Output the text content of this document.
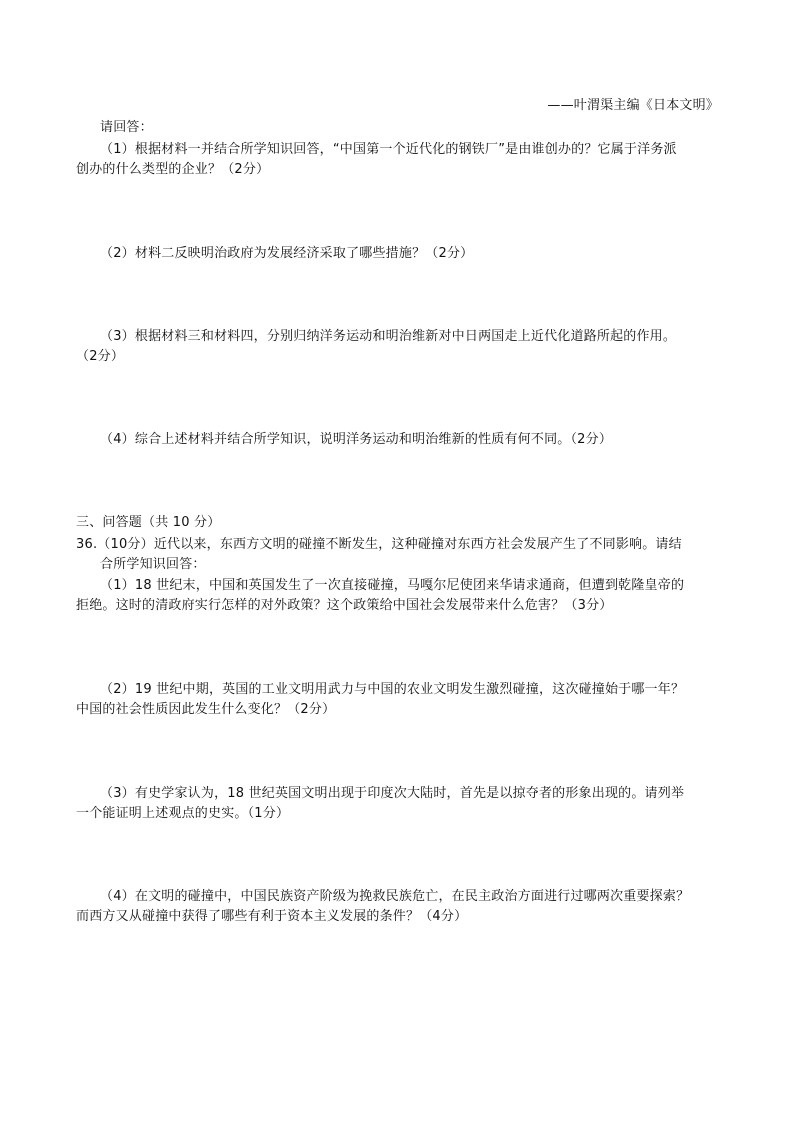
——叶渭渠主编《日本文明》
请回答：
（1）根据材料一并结合所学知识回答，“中国第一个近代化的钢铁厂”是由谁创办的？它属于洋务派
创办的什么类型的企业？（2分）
（2）材料二反映明治政府为发展经济采取了哪些措施？（2分）
（3）根据材料三和材料四，分别归纳洋务运动和明治维新对中日两国走上近代化道路所起的作用。
（2分）
（4）综合上述材料并结合所学知识，说明洋务运动和明治维新的性质有何不同。（2分）
三、问答题（共 10 分）
36.（10分）近代以来，东西方文明的碰撞不断发生，这种碰撞对东西方社会发展产生了不同影响。请结
合所学知识回答：
（1）18 世纪末，中国和英国发生了一次直接碰撞，马嘎尔尼使团来华请求通商，但遭到乾隆皇帝的
拒绝。这时的清政府实行怎样的对外政策？这个政策给中国社会发展带来什么危害？（3分）
（2）19 世纪中期，英国的工业文明用武力与中国的农业文明发生激烈碰撞，这次碰撞始于哪一年？
中国的社会性质因此发生什么变化？（2分）
（3）有史学家认为，18 世纪英国文明出现于印度次大陆时，首先是以掠夺者的形象出现的。请列举
一个能证明上述观点的史实。（1分）
（4）在文明的碰撞中，中国民族资产阶级为挽救民族危亡，在民主政治方面进行过哪两次重要探索？
而西方又从碰撞中获得了哪些有利于资本主义发展的条件？（4分）
